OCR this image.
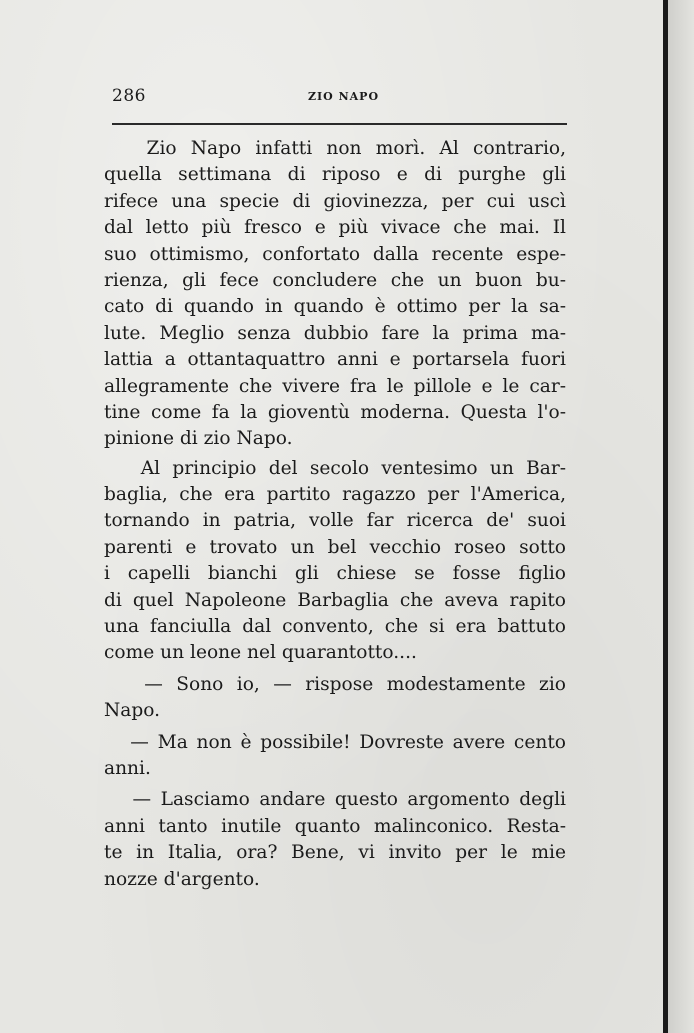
286	ZIO NAPO

Zio Napo infatti non morì. Al contrario,
quella settimana di riposo e di purghe gli
rifece una specie di giovinezza, per cui uscì
dal letto più fresco e più vivace che mai. Il
suo ottimismo, confortato dalla recente espe-
rienza, gli fece concludere che un buon bu-
cato di quando in quando è ottimo per la sa-
lute. Meglio senza dubbio fare la prima ma-
lattia a ottantaquattro anni e portarsela fuori
allegramente che vivere fra le pillole e le car-
tine come fa la gioventù moderna. Questa l'o-
pinione di zio Napo.

Al principio del secolo ventesimo un Bar-
baglia, che era partito ragazzo per l'America,
tornando in patria, volle far ricerca de' suoi
parenti e trovato un bel vecchio roseo sotto
i capelli bianchi gli chiese se fosse figlio
di quel Napoleone Barbaglia che aveva rapito
una fanciulla dal convento, che si era battuto
come un leone nel quarantotto....

— Sono io, — rispose modestamente zio
Napo.

— Ma non è possibile! Dovreste avere cento
anni.

— Lasciamo andare questo argomento degli
anni tanto inutile quanto malinconico. Resta-
te in Italia, ora? Bene, vi invito per le mie
nozze d'argento.
